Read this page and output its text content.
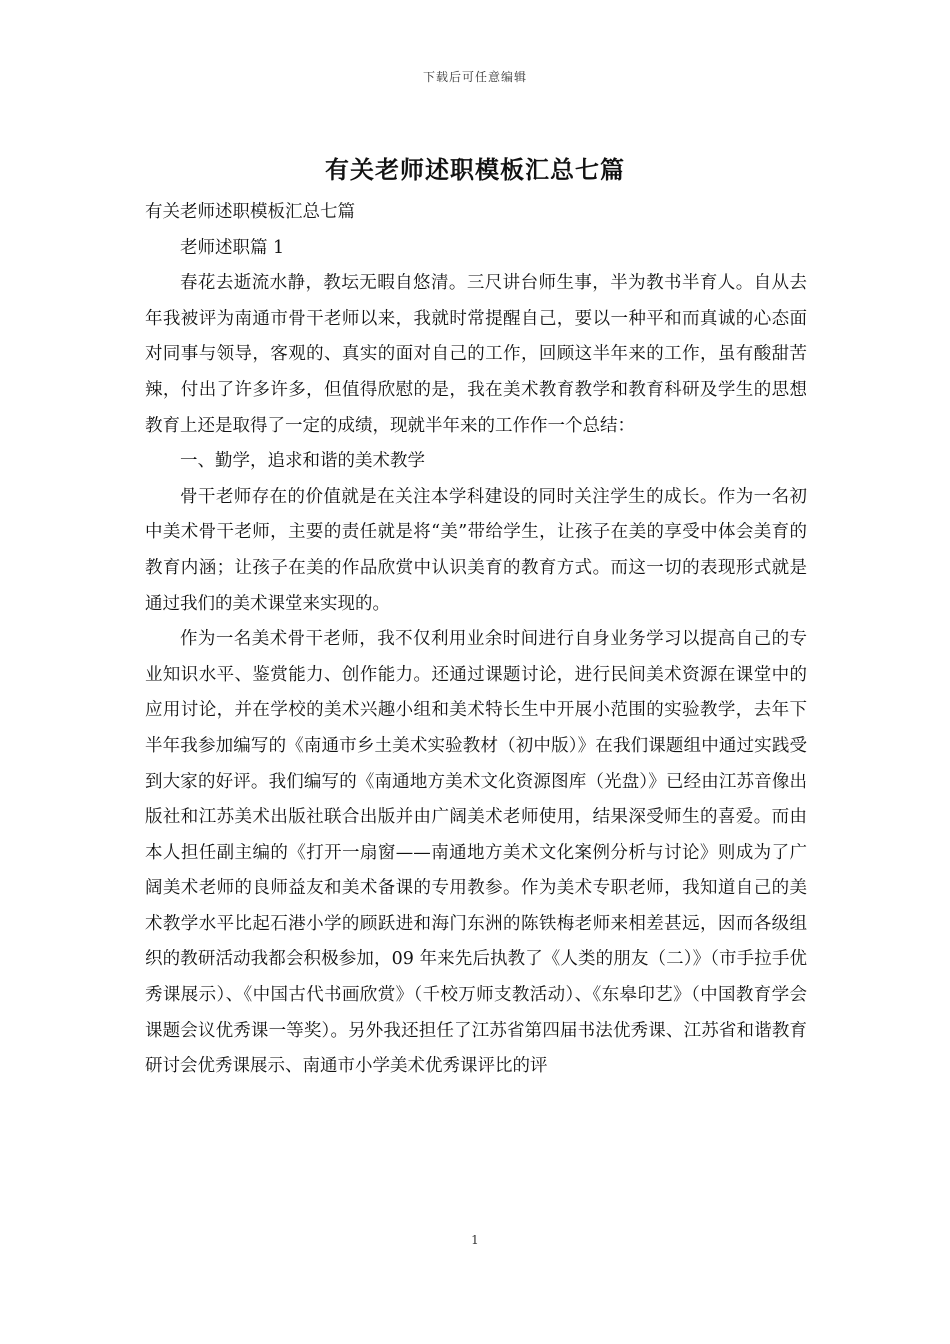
下载后可任意编辑
有关老师述职模板汇总七篇

有关老师述职模板汇总七篇

老师述职篇 1

春花去逝流水静，教坛无暇自悠清。三尺讲台师生事，半为教书半育人。自从去年我被评为南通市骨干老师以来，我就时常提醒自己，要以一种平和而真诚的心态面对同事与领导，客观的、真实的面对自己的工作，回顾这半年来的工作，虽有酸甜苦辣，付出了许多许多，但值得欣慰的是，我在美术教育教学和教育科研及学生的思想教育上还是取得了一定的成绩，现就半年来的工作作一个总结：

一、勤学，追求和谐的美术教学

骨干老师存在的价值就是在关注本学科建设的同时关注学生的成长。作为一名初中美术骨干老师，主要的责任就是将“美”带给学生，让孩子在美的享受中体会美育的教育内涵；让孩子在美的作品欣赏中认识美育的教育方式。而这一切的表现形式就是通过我们的美术课堂来实现的。

作为一名美术骨干老师，我不仅利用业余时间进行自身业务学习以提高自己的专业知识水平、鉴赏能力、创作能力。还通过课题讨论，进行民间美术资源在课堂中的应用讨论，并在学校的美术兴趣小组和美术特长生中开展小范围的实验教学，去年下半年我参加编写的《南通市乡土美术实验教材（初中版）》在我们课题组中通过实践受到大家的好评。我们编写的《南通地方美术文化资源图库（光盘）》已经由江苏音像出版社和江苏美术出版社联合出版并由广阔美术老师使用，结果深受师生的喜爱。而由本人担任副主编的《打开一扇窗——南通地方美术文化案例分析与讨论》则成为了广阔美术老师的良师益友和美术备课的专用教参。作为美术专职老师，我知道自己的美术教学水平比起石港小学的顾跃进和海门东洲的陈铁梅老师来相差甚远，因而各级组织的教研活动我都会积极参加，09 年来先后执教了《人类的朋友（二）》（市手拉手优秀课展示）、《中国古代书画欣赏》（千校万师支教活动）、《东皋印艺》（中国教育学会课题会议优秀课一等奖）。另外我还担任了江苏省第四届书法优秀课、江苏省和谐教育研讨会优秀课展示、南通市小学美术优秀课评比的评

1
